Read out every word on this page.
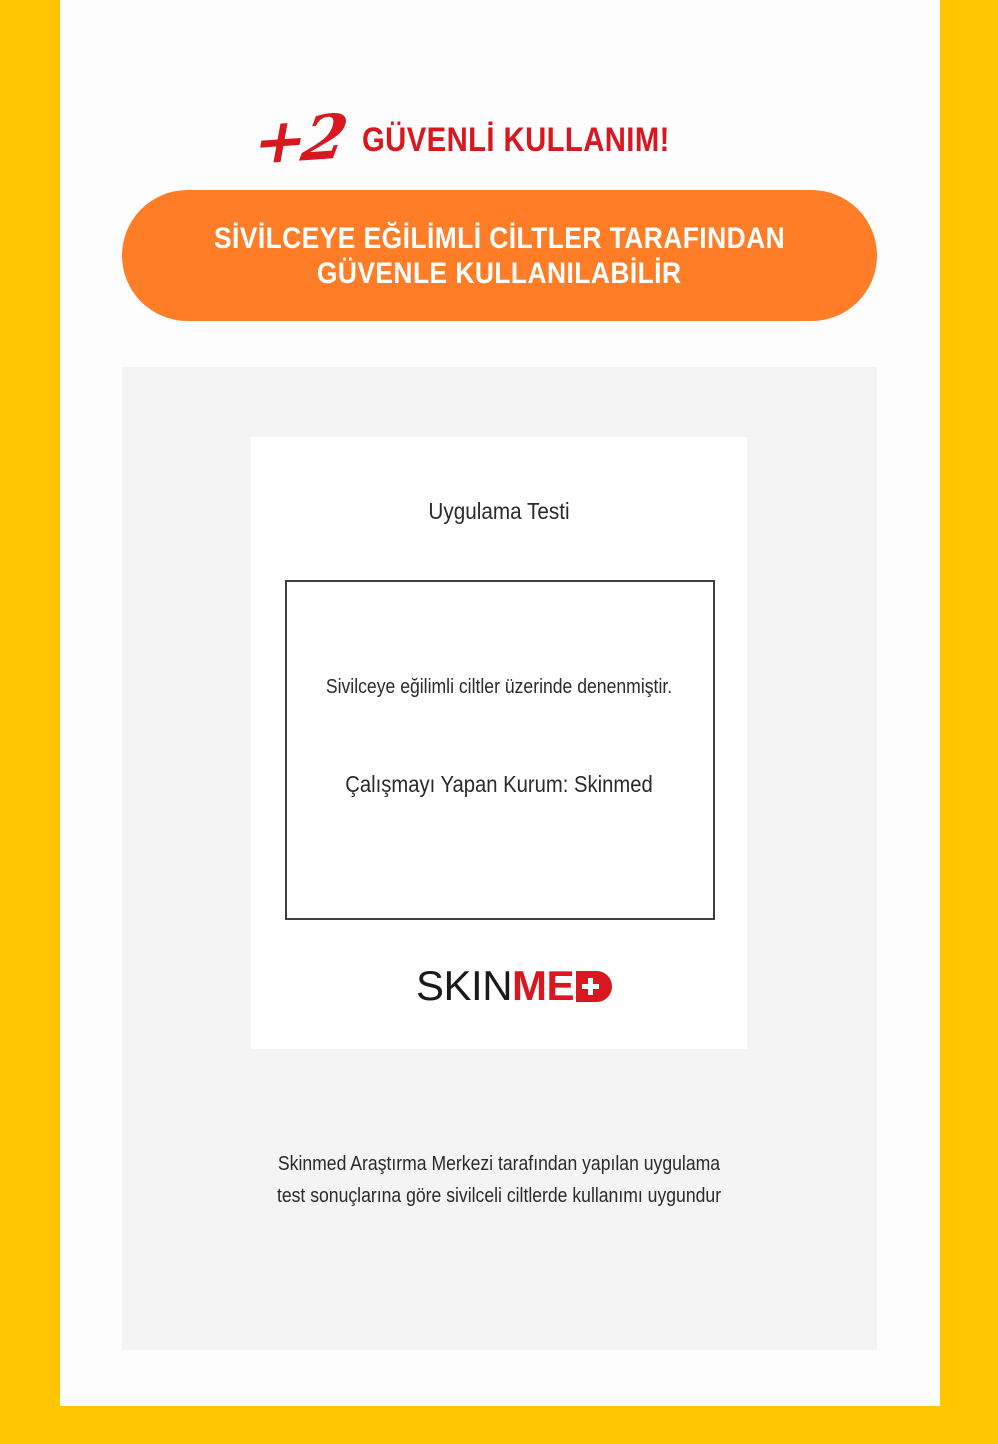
+2 GÜVENLİ KULLANIM!
SİVİLCEYE EĞİLİMLİ CİLTLER TARAFINDAN
GÜVENLE KULLANILABİLİR
Uygulama Testi
Sivilceye eğilimli ciltler üzerinde denenmiştir.
Çalışmayı Yapan Kurum: Skinmed
SKIN ME
Skinmed Araştırma Merkezi tarafından yapılan uygulama
test sonuçlarına göre sivilceli ciltlerde kullanımı uygundur
